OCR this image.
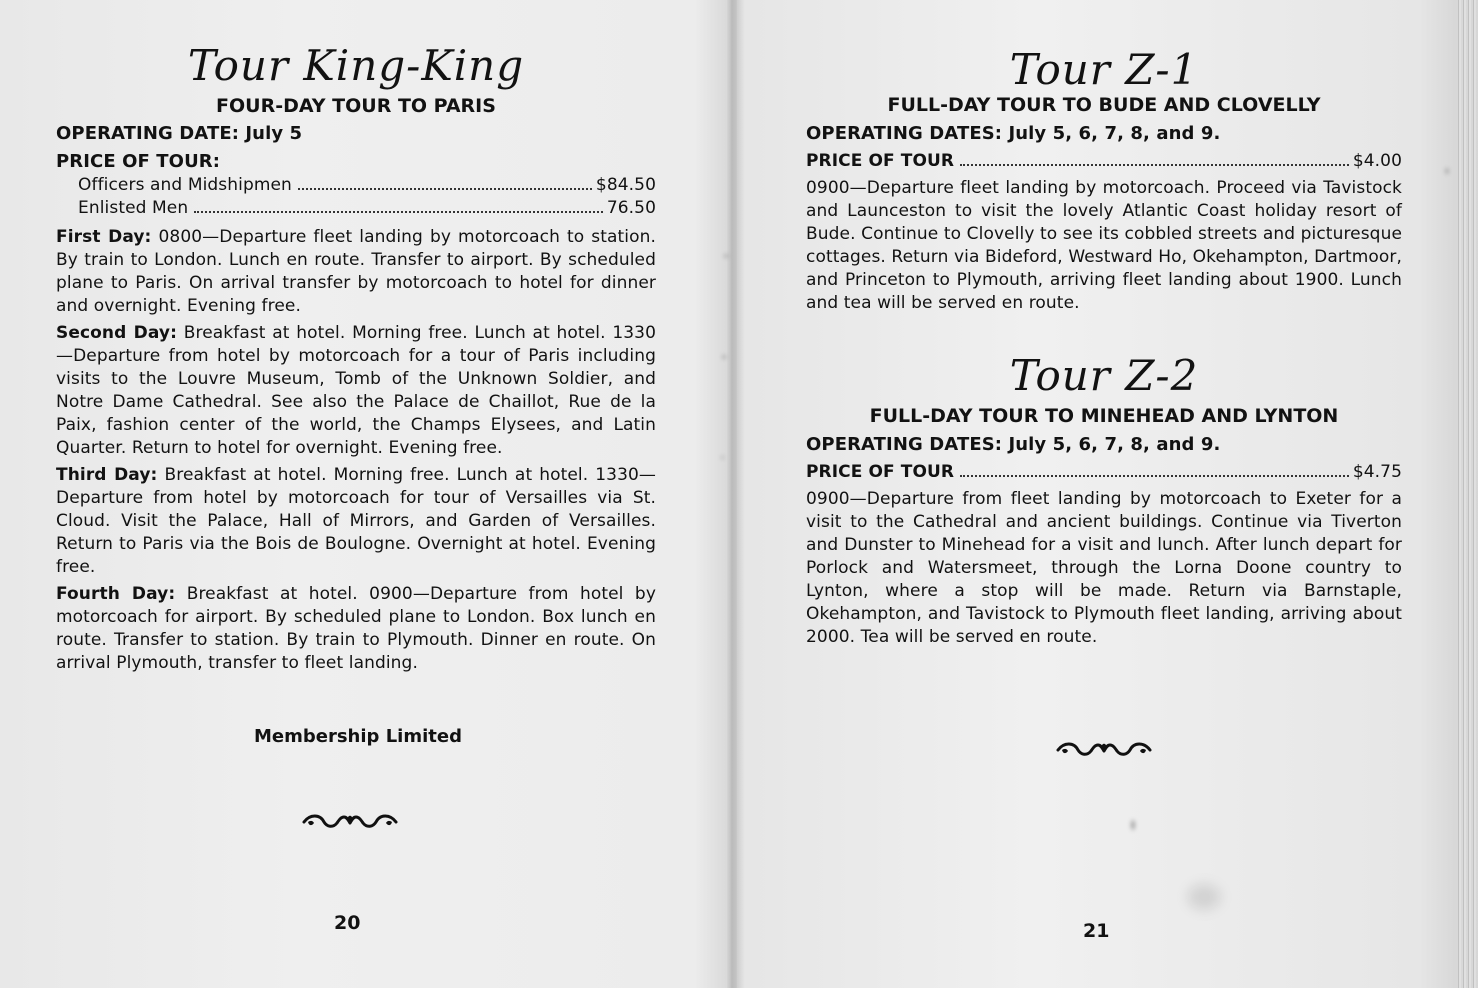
Tour King-King
FOUR-DAY TOUR TO PARIS

OPERATING DATE: July 5

PRICE OF TOUR:

Officers and Midshipmen	$84.50
Enlisted Men	76.50

First Day: 0800—Departure fleet landing by motorcoach to station. By train to London. Lunch en route. Transfer to airport. By scheduled plane to Paris. On arrival transfer by motorcoach to hotel for dinner and overnight. Evening free.

Second Day: Breakfast at hotel. Morning free. Lunch at hotel. 1330—Departure from hotel by motorcoach for a tour of Paris including visits to the Louvre Museum, Tomb of the Unknown Soldier, and Notre Dame Cathedral. See also the Palace de Chaillot, Rue de la Paix, fashion center of the world, the Champs Elysees, and Latin Quarter. Return to hotel for overnight. Evening free.

Third Day: Breakfast at hotel. Morning free. Lunch at hotel. 1330—Departure from hotel by motorcoach for tour of Versailles via St. Cloud. Visit the Palace, Hall of Mirrors, and Garden of Versailles. Return to Paris via the Bois de Boulogne. Overnight at hotel. Evening free.

Fourth Day: Breakfast at hotel. 0900—Departure from hotel by motorcoach for airport. By scheduled plane to London. Box lunch en route. Transfer to station. By train to Plymouth. Dinner en route. On arrival Plymouth, transfer to fleet landing.

Membership Limited
20
Tour Z-1
FULL-DAY TOUR TO BUDE AND CLOVELLY

OPERATING DATES: July 5, 6, 7, 8, and 9.

PRICE OF TOUR	$4.00

0900—Departure fleet landing by motorcoach. Proceed via Tavistock and Launceston to visit the lovely Atlantic Coast holiday resort of Bude. Continue to Clovelly to see its cobbled streets and picturesque cottages. Return via Bideford, Westward Ho, Okehampton, Dartmoor, and Princeton to Plymouth, arriving fleet landing about 1900. Lunch and tea will be served en route.

Tour Z-2
FULL-DAY TOUR TO MINEHEAD AND LYNTON

OPERATING DATES: July 5, 6, 7, 8, and 9.

PRICE OF TOUR	$4.75

0900—Departure from fleet landing by motorcoach to Exeter for a visit to the Cathedral and ancient buildings. Continue via Tiverton and Dunster to Minehead for a visit and lunch. After lunch depart for Porlock and Watersmeet, through the Lorna Doone country to Lynton, where a stop will be made. Return via Barnstaple, Okehampton, and Tavistock to Plymouth fleet landing, arriving about 2000. Tea will be served en route.

21
